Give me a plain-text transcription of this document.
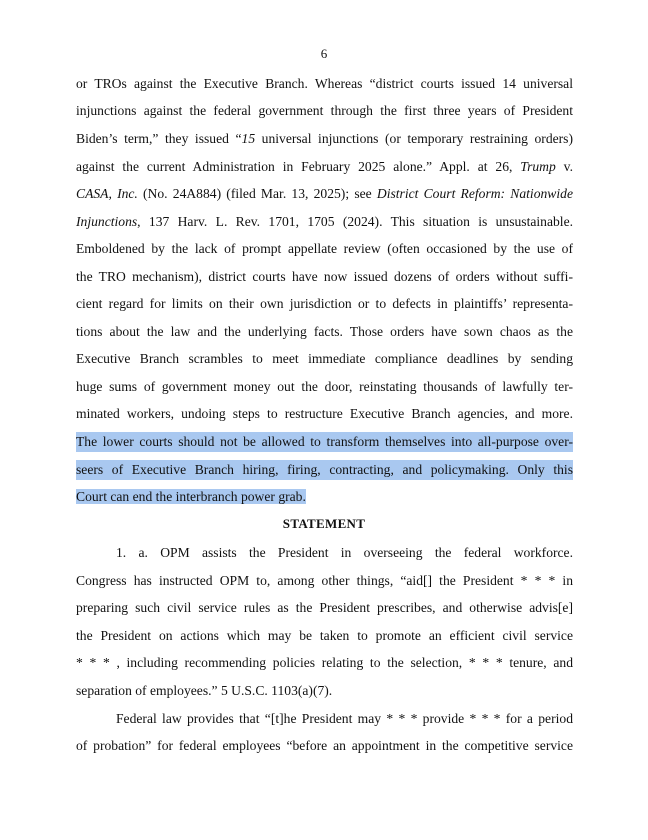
6
or TROs against the Executive Branch. Whereas “district courts issued 14 universal
injunctions against the federal government through the first three years of President
Biden’s term,” they issued “15 universal injunctions (or temporary restraining orders)
against the current Administration in February 2025 alone.” Appl. at 26, Trump v.
CASA, Inc. (No. 24A884) (filed Mar. 13, 2025); see District Court Reform: Nationwide
Injunctions, 137 Harv. L. Rev. 1701, 1705 (2024). This situation is unsustainable.
Emboldened by the lack of prompt appellate review (often occasioned by the use of
the TRO mechanism), district courts have now issued dozens of orders without suffi-
cient regard for limits on their own jurisdiction or to defects in plaintiffs’ representa-
tions about the law and the underlying facts. Those orders have sown chaos as the
Executive Branch scrambles to meet immediate compliance deadlines by sending
huge sums of government money out the door, reinstating thousands of lawfully ter-
minated workers, undoing steps to restructure Executive Branch agencies, and more.
The lower courts should not be allowed to transform themselves into all-purpose over-
seers of Executive Branch hiring, firing, contracting, and policymaking. Only this
Court can end the interbranch power grab.
1. a. OPM assists the President in overseeing the federal workforce.
Congress has instructed OPM to, among other things, “aid[] the President * * * in
preparing such civil service rules as the President prescribes, and otherwise advis[e]
the President on actions which may be taken to promote an efficient civil service
* * * , including recommending policies relating to the selection, * * * tenure, and
separation of employees.” 5 U.S.C. 1103(a)(7).
Federal law provides that “[t]he President may * * * provide * * * for a period
of probation” for federal employees “before an appointment in the competitive service
STATEMENT
